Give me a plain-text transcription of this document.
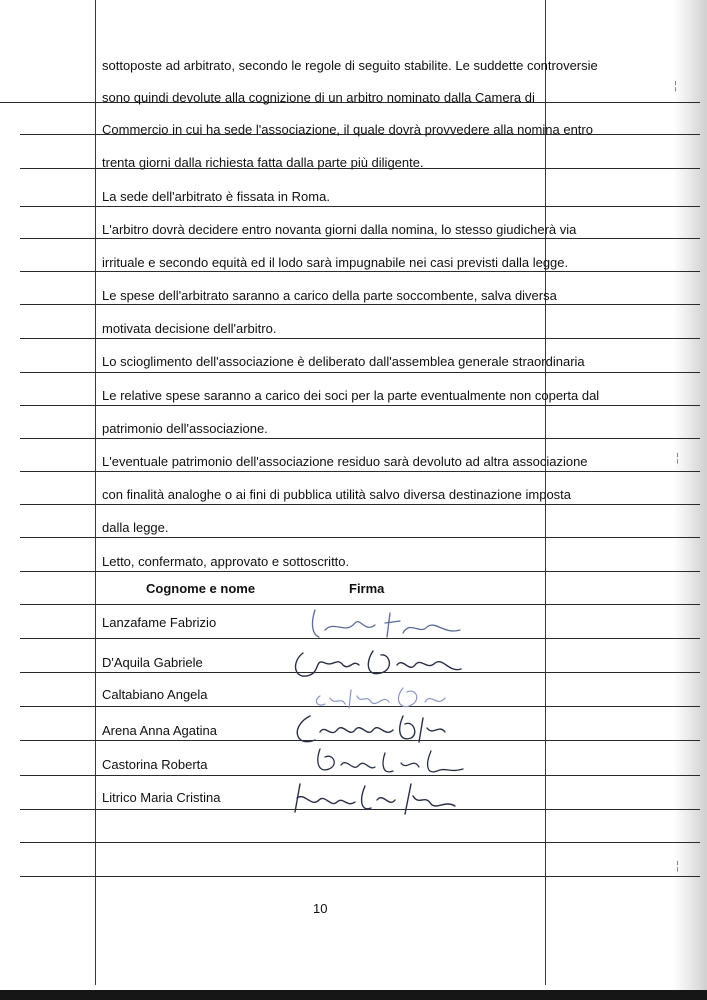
sottoposte ad arbitrato, secondo le regole di seguito stabilite. Le suddette controversie
sono quindi devolute alla cognizione di un arbitro nominato dalla Camera di
Commercio in cui ha sede l'associazione, il quale dovrà provvedere alla nomina entro
trenta giorni dalla richiesta fatta dalla parte più diligente.
La sede dell'arbitrato è fissata in Roma.
L'arbitro dovrà decidere entro novanta giorni dalla nomina, lo stesso giudicherà via
irrituale e secondo equità ed il lodo sarà impugnabile nei casi previsti dalla legge.
Le spese dell'arbitrato saranno a carico della parte soccombente, salva diversa
motivata decisione dell'arbitro.
Lo scioglimento dell'associazione è deliberato dall'assemblea generale straordinaria
Le relative spese saranno a carico dei soci per la parte eventualmente non coperta dal
patrimonio dell'associazione.
L'eventuale patrimonio dell'associazione residuo sarà devoluto ad altra associazione
con finalità analoghe o ai fini di pubblica utilità salvo diversa destinazione imposta
dalla legge.
Letto, confermato, approvato e sottoscritto.
Cognome e nome	Firma
Lanzafame Fabrizio
D'Aquila Gabriele
Caltabiano Angela
Arena Anna Agatina
Castorina Roberta
Litrico Maria Cristina
¦
¦
¦
10
